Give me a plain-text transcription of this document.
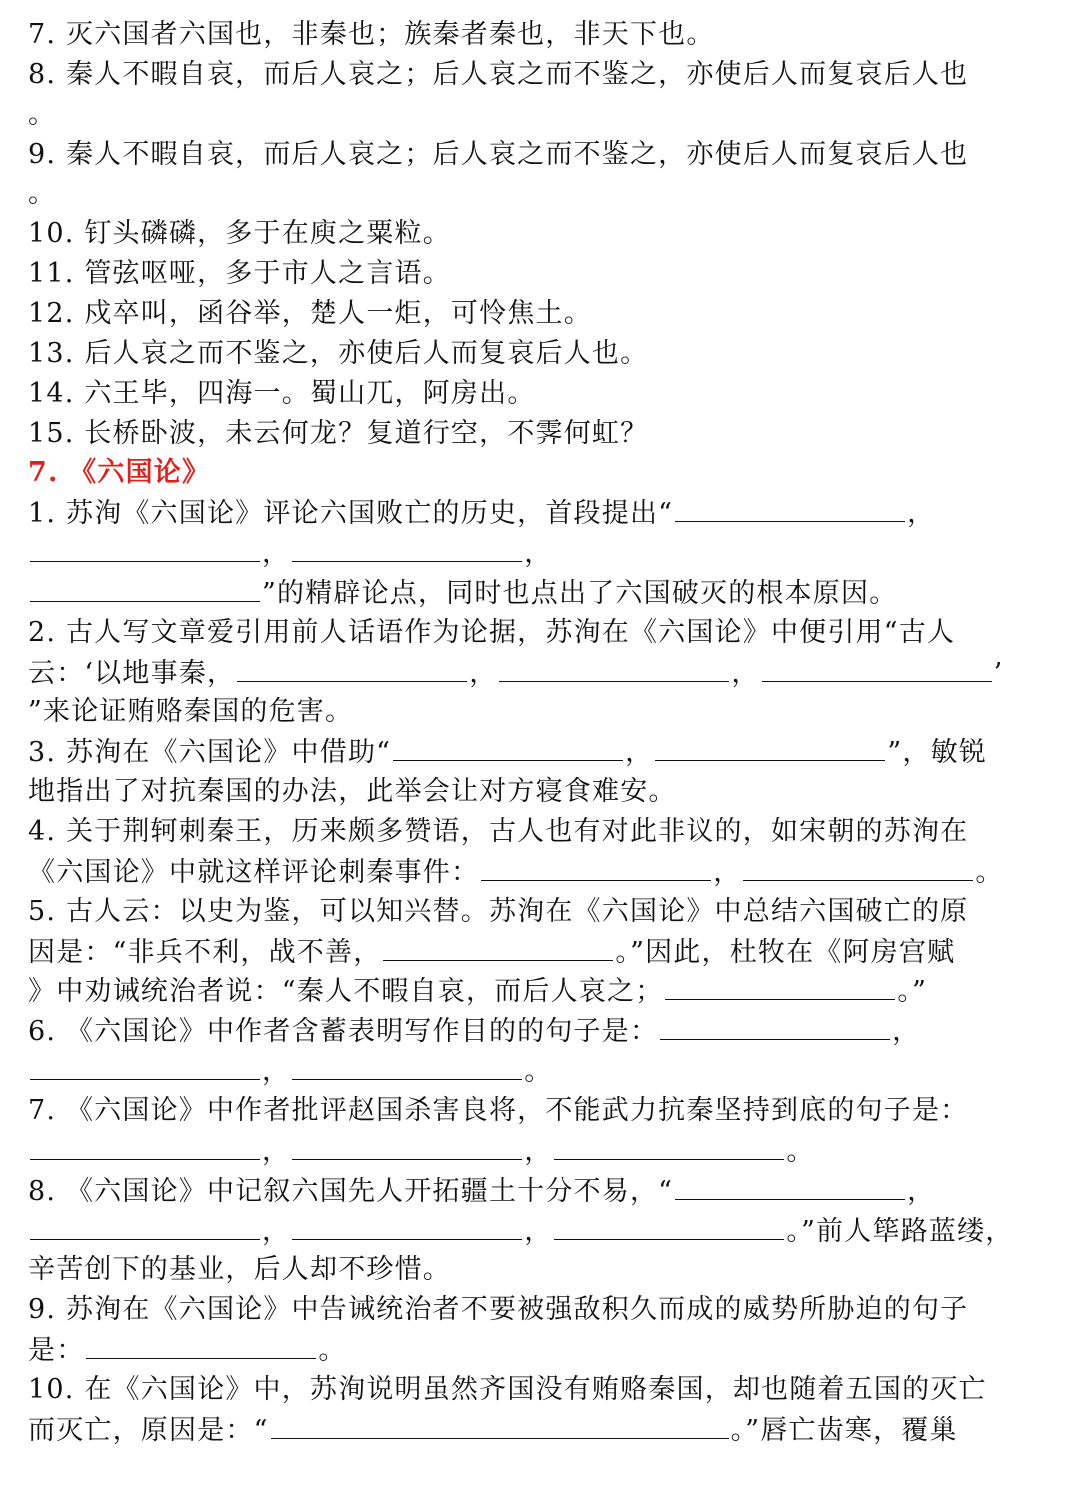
7. 灭六国者六国也，非秦也；族秦者秦也，非天下也。
8. 秦人不暇自哀，而后人哀之；后人哀之而不鉴之，亦使后人而复哀后人也
。
9. 秦人不暇自哀，而后人哀之；后人哀之而不鉴之，亦使后人而复哀后人也
。
10. 钉头磷磷，多于在庾之粟粒。
11. 管弦呕哑，多于市人之言语。
12. 戍卒叫，函谷举，楚人一炬，可怜焦土。
13. 后人哀之而不鉴之，亦使后人而复哀后人也。
14. 六王毕，四海一。蜀山兀，阿房出。
15. 长桥卧波，未云何龙？复道行空，不霁何虹？
7. 《六国论》
1. 苏洵《六国论》评论六国败亡的历史，首段提出“	，
，	，
”的精辟论点，同时也点出了六国破灭的根本原因。
2. 古人写文章爱引用前人话语作为论据，苏洵在《六国论》中便引用“古人
云：‘以地事秦，	，	，	’
”来论证贿赂秦国的危害。
3. 苏洵在《六国论》中借助“	，	”，敏锐
地指出了对抗秦国的办法，此举会让对方寝食难安。
4. 关于荆轲刺秦王，历来颇多赞语，古人也有对此非议的，如宋朝的苏洵在
《六国论》中就这样评论刺秦事件：	，	。
5. 古人云：以史为鉴，可以知兴替。苏洵在《六国论》中总结六国破亡的原
因是：“非兵不利，战不善，	。”因此，杜牧在《阿房宫赋
》中劝诫统治者说：“秦人不暇自哀，而后人哀之；	。”
6. 《六国论》中作者含蓄表明写作目的的句子是：	，
，	。
7. 《六国论》中作者批评赵国杀害良将，不能武力抗秦坚持到底的句子是：
，	，	。
8. 《六国论》中记叙六国先人开拓疆土十分不易，“	，
，	，	。”前人筚路蓝缕，
辛苦创下的基业，后人却不珍惜。
9. 苏洵在《六国论》中告诫统治者不要被强敌积久而成的威势所胁迫的句子
是：	。
10. 在《六国论》中，苏洵说明虽然齐国没有贿赂秦国，却也随着五国的灭亡
而灭亡，原因是：“	。”唇亡齿寒，覆巢
